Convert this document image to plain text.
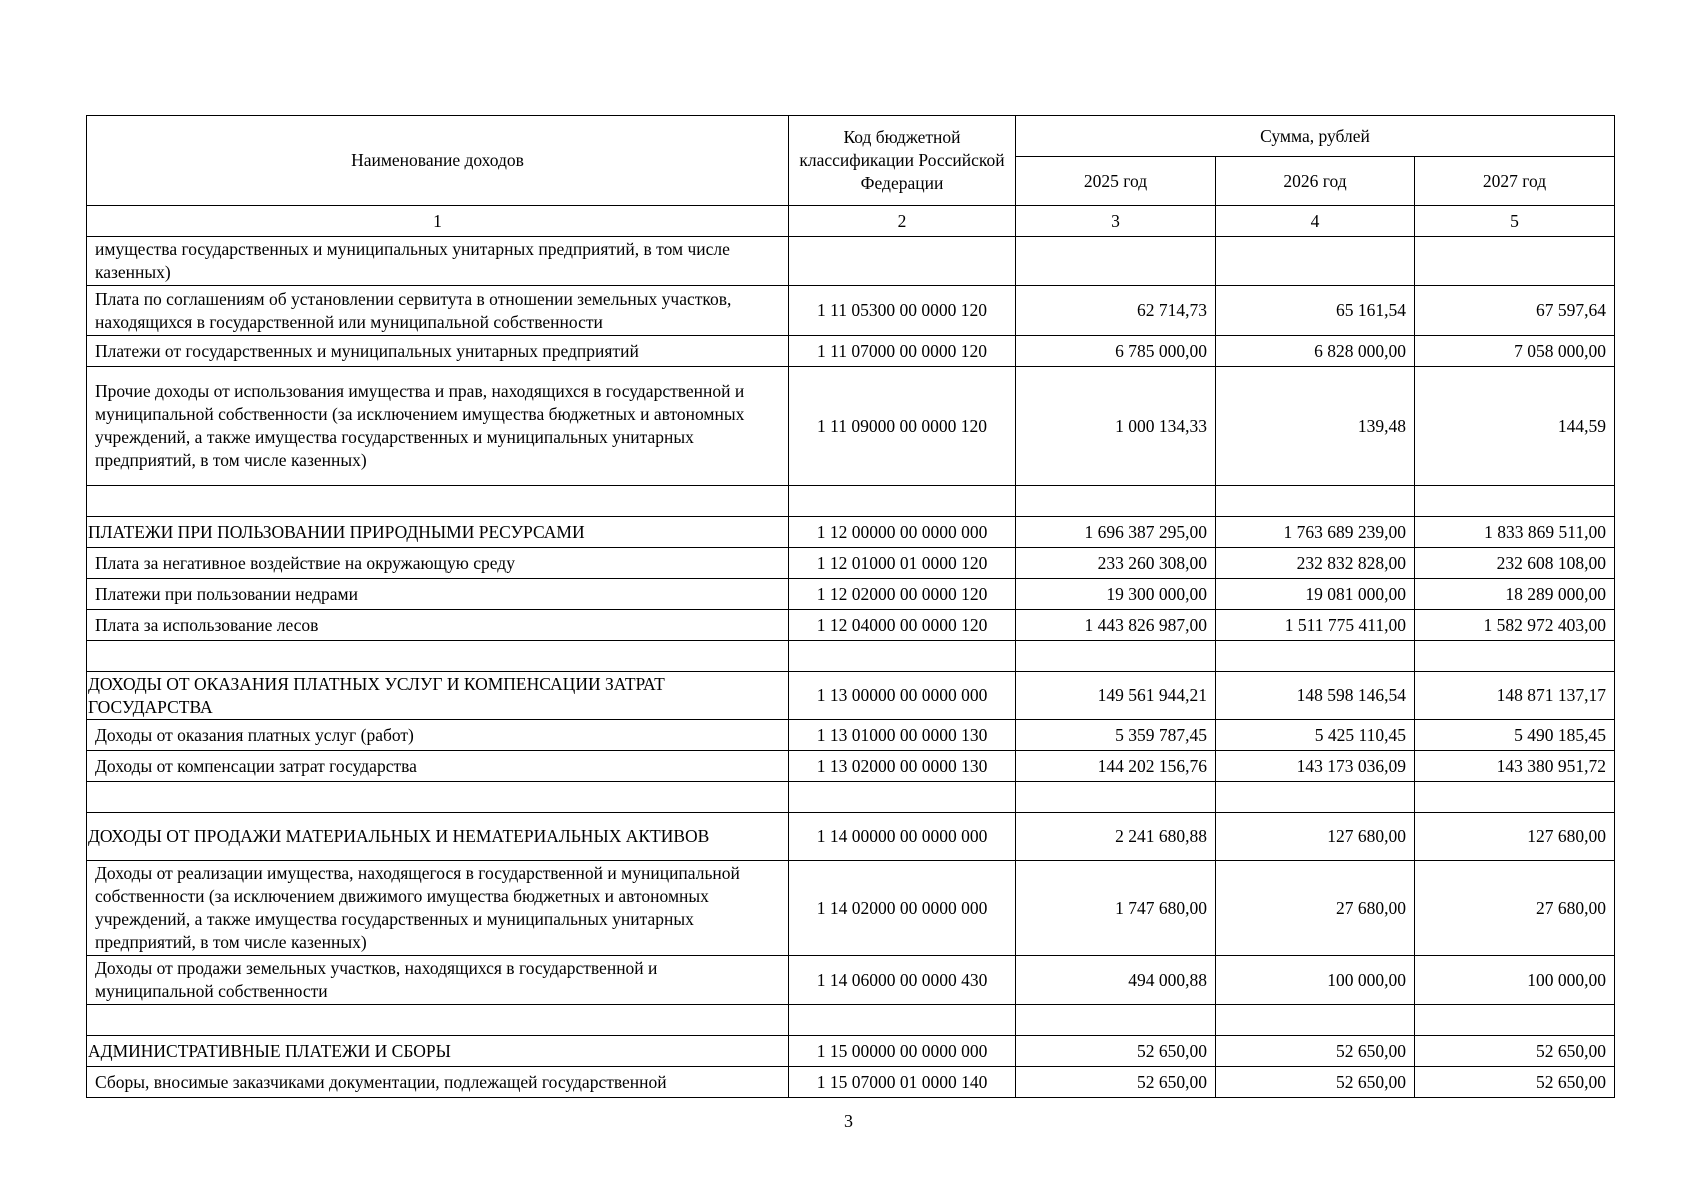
Наименование доходов	Код бюджетной классификации Российской Федерации	Сумма, рублей		
		2025 год	2026 год	2027 год
1	2	3	4	5
имущества государственных и муниципальных унитарных предприятий, в том числе казенных)				
Плата по соглашениям об установлении сервитута в отношении земельных участков, находящихся в государственной или муниципальной собственности	1 11 05300 00 0000 120	62 714,73	65 161,54	67 597,64
Платежи от государственных и муниципальных унитарных предприятий	1 11 07000 00 0000 120	6 785 000,00	6 828 000,00	7 058 000,00
Прочие доходы от использования имущества и прав, находящихся в государственной и муниципальной собственности (за исключением имущества бюджетных и автономных учреждений, а также имущества государственных и муниципальных унитарных предприятий, в том числе казенных)	1 11 09000 00 0000 120	1 000 134,33	139,48	144,59

ПЛАТЕЖИ ПРИ ПОЛЬЗОВАНИИ ПРИРОДНЫМИ РЕСУРСАМИ	1 12 00000 00 0000 000	1 696 387 295,00	1 763 689 239,00	1 833 869 511,00
Плата за негативное воздействие на окружающую среду	1 12 01000 01 0000 120	233 260 308,00	232 832 828,00	232 608 108,00
Платежи при пользовании недрами	1 12 02000 00 0000 120	19 300 000,00	19 081 000,00	18 289 000,00
Плата за использование лесов	1 12 04000 00 0000 120	1 443 826 987,00	1 511 775 411,00	1 582 972 403,00

ДОХОДЫ ОТ ОКАЗАНИЯ ПЛАТНЫХ УСЛУГ И КОМПЕНСАЦИИ ЗАТРАТ ГОСУДАРСТВА	1 13 00000 00 0000 000	149 561 944,21	148 598 146,54	148 871 137,17
Доходы от оказания платных услуг (работ)	1 13 01000 00 0000 130	5 359 787,45	5 425 110,45	5 490 185,45
Доходы от компенсации затрат государства	1 13 02000 00 0000 130	144 202 156,76	143 173 036,09	143 380 951,72

ДОХОДЫ ОТ ПРОДАЖИ МАТЕРИАЛЬНЫХ И НЕМАТЕРИАЛЬНЫХ АКТИВОВ	1 14 00000 00 0000 000	2 241 680,88	127 680,00	127 680,00
Доходы от реализации имущества, находящегося в государственной и муниципальной собственности (за исключением движимого имущества бюджетных и автономных учреждений, а также имущества государственных и муниципальных унитарных предприятий, в том числе казенных)	1 14 02000 00 0000 000	1 747 680,00	27 680,00	27 680,00
Доходы от продажи земельных участков, находящихся в государственной и муниципальной собственности	1 14 06000 00 0000 430	494 000,88	100 000,00	100 000,00

АДМИНИСТРАТИВНЫЕ ПЛАТЕЖИ И СБОРЫ	1 15 00000 00 0000 000	52 650,00	52 650,00	52 650,00
Сборы, вносимые заказчиками документации, подлежащей государственной	1 15 07000 01 0000 140	52 650,00	52 650,00	52 650,00
3
